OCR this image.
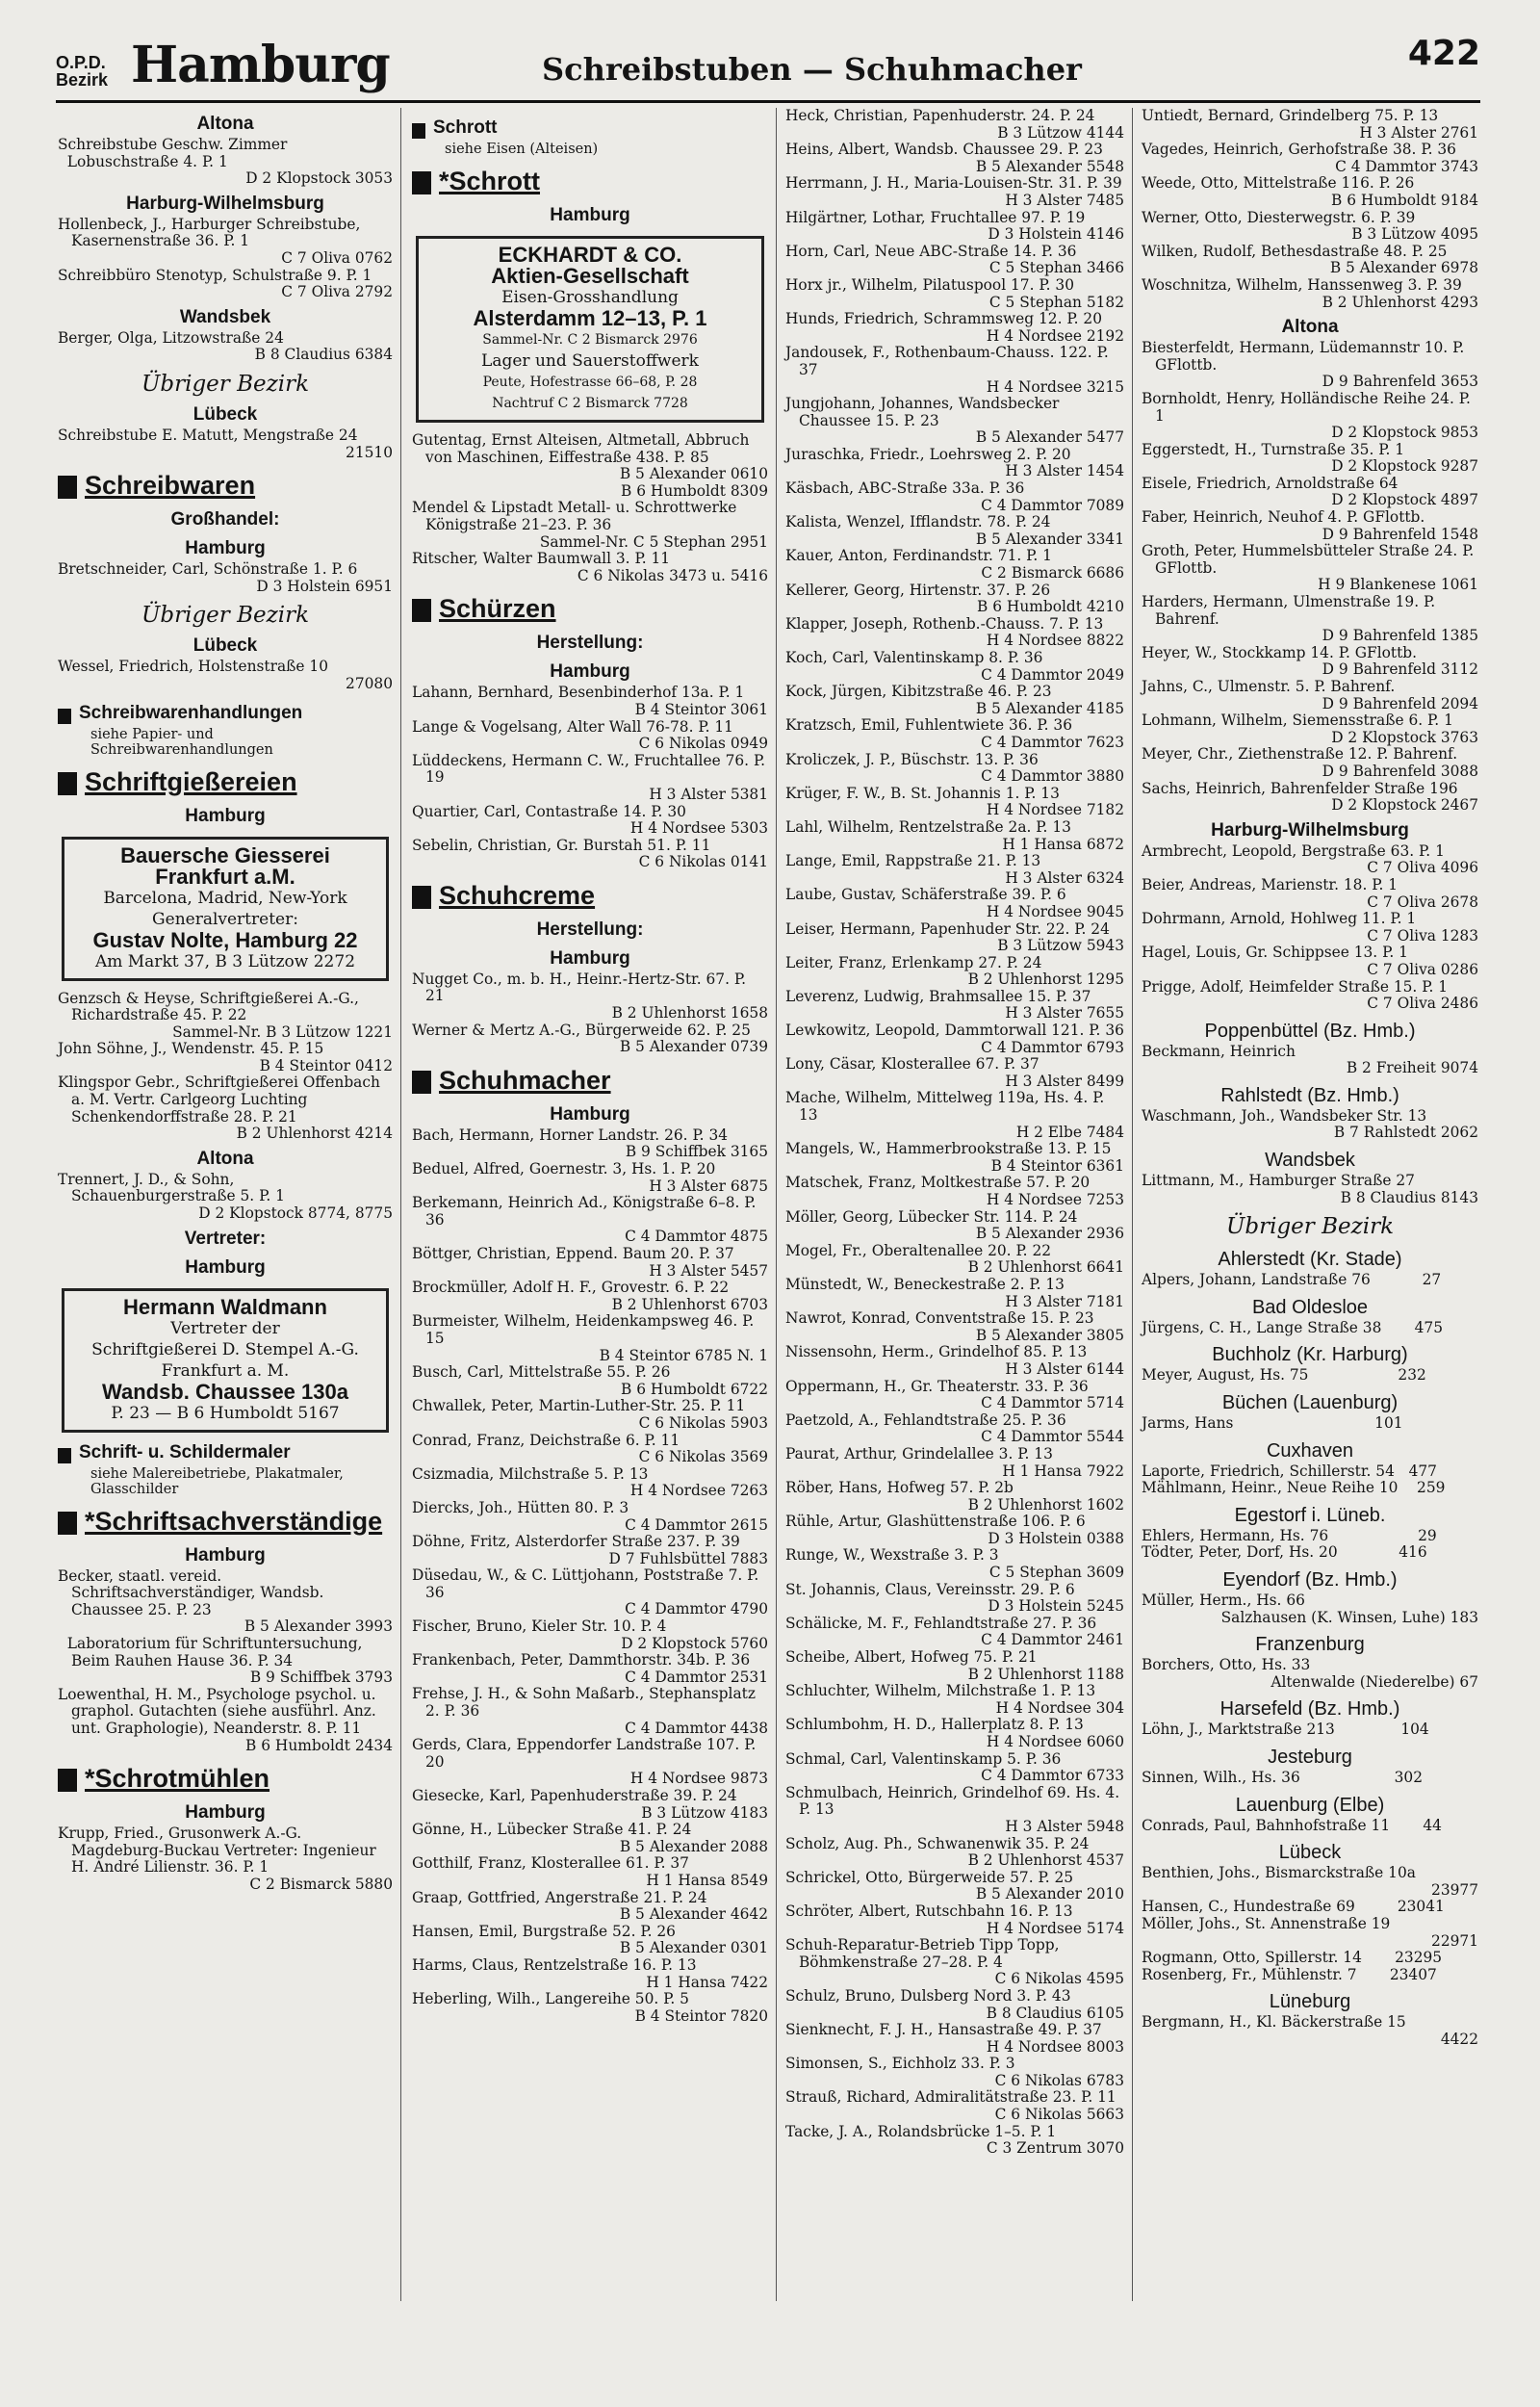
O.P.D.
Bezirk Hamburg	Schreibstuben — Schuhmacher	422

Altona

Schreibstube Geschw. Zimmer

Lobuschstraße 4. P. 1

D 2 Klopstock 3053

Harburg-Wilhelmsburg

Hollenbeck, J., Harburger Schreibstube, Kasernenstraße 36. P. 1

C 7 Oliva 0762

Schreibbüro Stenotyp, Schulstraße 9. P. 1

C 7 Oliva 2792

Wandsbek

Berger, Olga, Litzowstraße 24

B 8 Claudius 6384

Übriger Bezirk

Lübeck

Schreibstube E. Matutt, Mengstraße 24

21510

Schreibwaren

Großhandel:

Hamburg

Bretschneider, Carl, Schönstraße 1. P. 6

D 3 Holstein 6951

Übriger Bezirk

Lübeck

Wessel, Friedrich, Holstenstraße 10

27080

Schreibwarenhandlungen
siehe Papier- und Schreibwarenhandlungen
Schriftgießereien

Hamburg

Bauersche Giesserei
Frankfurt a.M.
Barcelona, Madrid, New-York
Generalvertreter:
Gustav Nolte, Hamburg 22
Am Markt 37, B 3 Lützow 2272

Genzsch & Heyse, Schriftgießerei A.-G., Richardstraße 45. P. 22

Sammel-Nr. B 3 Lützow 1221

John Söhne, J., Wendenstr. 45. P. 15

B 4 Steintor 0412

Klingspor Gebr., Schriftgießerei Offenbach a. M. Vertr. Carlgeorg Luchting Schenkendorffstraße 28. P. 21

B 2 Uhlenhorst 4214

Altona

Trennert, J. D., & Sohn, Schauenburgerstraße 5. P. 1

D 2 Klopstock 8774, 8775

Vertreter:

Hamburg

Hermann Waldmann
Vertreter der
Schriftgießerei D. Stempel A.-G.
Frankfurt a. M.
Wandsb. Chaussee 130a
P. 23 — B 6 Humboldt 5167
Schrift- u. Schildermaler
siehe Malereibetriebe, Plakatmaler, Glasschilder
*Schriftsachverständige

Hamburg

Becker, staatl. vereid. Schriftsachverständiger, Wandsb. Chaussee 25. P. 23

B 5 Alexander 3993

Laboratorium für Schriftuntersuchung, Beim Rauhen Hause 36. P. 34

B 9 Schiffbek 3793

Loewenthal, H. M., Psychologe psychol. u. graphol. Gutachten (siehe ausführl. Anz. unt. Graphologie), Neanderstr. 8. P. 11

B 6 Humboldt 2434

*Schrotmühlen

Hamburg

Krupp, Fried., Grusonwerk A.-G. Magdeburg-Buckau Vertreter: Ingenieur H. André Lilienstr. 36. P. 1

C 2 Bismarck 5880

Schrott
siehe Eisen (Alteisen)
*Schrott

Hamburg

ECKHARDT & CO.
Aktien-Gesellschaft
Eisen-Grosshandlung
Alsterdamm 12–13, P. 1
Sammel-Nr. C 2 Bismarck 2976
Lager und Sauerstoffwerk
Peute, Hofestrasse 66–68, P. 28
Nachtruf C 2 Bismarck 7728

Gutentag, Ernst Alteisen, Altmetall, Abbruch von Maschinen, Eiffestraße 438. P. 85

B 5 Alexander 0610

B 6 Humboldt 8309

Mendel & Lipstadt Metall- u. Schrottwerke Königstraße 21–23. P. 36

Sammel-Nr. C 5 Stephan 2951

Ritscher, Walter Baumwall 3. P. 11

C 6 Nikolas 3473 u. 5416

Schürzen

Herstellung:

Hamburg

Lahann, Bernhard, Besenbinderhof 13a. P. 1

B 4 Steintor 3061

Lange & Vogelsang, Alter Wall 76-78. P. 11

C 6 Nikolas 0949

Lüddeckens, Hermann C. W., Fruchtallee 76. P. 19

H 3 Alster 5381

Quartier, Carl, Contastraße 14. P. 30

H 4 Nordsee 5303

Sebelin, Christian, Gr. Burstah 51. P. 11

C 6 Nikolas 0141

Schuhcreme

Herstellung:

Hamburg

Nugget Co., m. b. H., Heinr.-Hertz-Str. 67. P. 21

B 2 Uhlenhorst 1658

Werner & Mertz A.-G., Bürgerweide 62. P. 25

B 5 Alexander 0739

Schuhmacher

Hamburg

Bach, Hermann, Horner Landstr. 26. P. 34

B 9 Schiffbek 3165

Beduel, Alfred, Goernestr. 3, Hs. 1. P. 20

H 3 Alster 6875

Berkemann, Heinrich Ad., Königstraße 6–8. P. 36

C 4 Dammtor 4875

Böttger, Christian, Eppend. Baum 20. P. 37

H 3 Alster 5457

Brockmüller, Adolf H. F., Grovestr. 6. P. 22

B 2 Uhlenhorst 6703

Burmeister, Wilhelm, Heidenkampsweg 46. P. 15

B 4 Steintor 6785 N. 1

Busch, Carl, Mittelstraße 55. P. 26

B 6 Humboldt 6722

Chwallek, Peter, Martin-Luther-Str. 25. P. 11

C 6 Nikolas 5903

Conrad, Franz, Deichstraße 6. P. 11

C 6 Nikolas 3569

Csizmadia, Milchstraße 5. P. 13

H 4 Nordsee 7263

Diercks, Joh., Hütten 80. P. 3

C 4 Dammtor 2615

Döhne, Fritz, Alsterdorfer Straße 237. P. 39

D 7 Fuhlsbüttel 7883

Düsedau, W., & C. Lüttjohann, Poststraße 7. P. 36

C 4 Dammtor 4790

Fischer, Bruno, Kieler Str. 10. P. 4

D 2 Klopstock 5760

Frankenbach, Peter, Dammthorstr. 34b. P. 36

C 4 Dammtor 2531

Frehse, J. H., & Sohn Maßarb., Stephansplatz 2. P. 36

C 4 Dammtor 4438

Gerds, Clara, Eppendorfer Landstraße 107. P. 20

H 4 Nordsee 9873

Giesecke, Karl, Papenhuderstraße 39. P. 24

B 3 Lützow 4183

Gönne, H., Lübecker Straße 41. P. 24

B 5 Alexander 2088

Gotthilf, Franz, Klosterallee 61. P. 37

H 1 Hansa 8549

Graap, Gottfried, Angerstraße 21. P. 24

B 5 Alexander 4642

Hansen, Emil, Burgstraße 52. P. 26

B 5 Alexander 0301

Harms, Claus, Rentzelstraße 16. P. 13

H 1 Hansa 7422

Heberling, Wilh., Langereihe 50. P. 5

B 4 Steintor 7820

Heck, Christian, Papenhuderstr. 24. P. 24

B 3 Lützow 4144

Heins, Albert, Wandsb. Chaussee 29. P. 23

B 5 Alexander 5548

Herrmann, J. H., Maria-Louisen-Str. 31. P. 39

H 3 Alster 7485

Hilgärtner, Lothar, Fruchtallee 97. P. 19

D 3 Holstein 4146

Horn, Carl, Neue ABC-Straße 14. P. 36

C 5 Stephan 3466

Horx jr., Wilhelm, Pilatuspool 17. P. 30

C 5 Stephan 5182

Hunds, Friedrich, Schrammsweg 12. P. 20

H 4 Nordsee 2192

Jandousek, F., Rothenbaum-Chauss. 122. P. 37

H 4 Nordsee 3215

Jungjohann, Johannes, Wandsbecker Chaussee 15. P. 23

B 5 Alexander 5477

Juraschka, Friedr., Loehrsweg 2. P. 20

H 3 Alster 1454

Käsbach, ABC-Straße 33a. P. 36

C 4 Dammtor 7089

Kalista, Wenzel, Ifflandstr. 78. P. 24

B 5 Alexander 3341

Kauer, Anton, Ferdinandstr. 71. P. 1

C 2 Bismarck 6686

Kellerer, Georg, Hirtenstr. 37. P. 26

B 6 Humboldt 4210

Klapper, Joseph, Rothenb.-Chauss. 7. P. 13

H 4 Nordsee 8822

Koch, Carl, Valentinskamp 8. P. 36

C 4 Dammtor 2049

Kock, Jürgen, Kibitzstraße 46. P. 23

B 5 Alexander 4185

Kratzsch, Emil, Fuhlentwiete 36. P. 36

C 4 Dammtor 7623

Kroliczek, J. P., Büschstr. 13. P. 36

C 4 Dammtor 3880

Krüger, F. W., B. St. Johannis 1. P. 13

H 4 Nordsee 7182

Lahl, Wilhelm, Rentzelstraße 2a. P. 13

H 1 Hansa 6872

Lange, Emil, Rappstraße 21. P. 13

H 3 Alster 6324

Laube, Gustav, Schäferstraße 39. P. 6

H 4 Nordsee 9045

Leiser, Hermann, Papenhuder Str. 22. P. 24

B 3 Lützow 5943

Leiter, Franz, Erlenkamp 27. P. 24

B 2 Uhlenhorst 1295

Leverenz, Ludwig, Brahmsallee 15. P. 37

H 3 Alster 7655

Lewkowitz, Leopold, Dammtorwall 121. P. 36

C 4 Dammtor 6793

Lony, Cäsar, Klosterallee 67. P. 37

H 3 Alster 8499

Mache, Wilhelm, Mittelweg 119a, Hs. 4. P. 13

H 2 Elbe 7484

Mangels, W., Hammerbrookstraße 13. P. 15

B 4 Steintor 6361

Matschek, Franz, Moltkestraße 57. P. 20

H 4 Nordsee 7253

Möller, Georg, Lübecker Str. 114. P. 24

B 5 Alexander 2936

Mogel, Fr., Oberaltenallee 20. P. 22

B 2 Uhlenhorst 6641

Münstedt, W., Beneckestraße 2. P. 13

H 3 Alster 7181

Nawrot, Konrad, Conventstraße 15. P. 23

B 5 Alexander 3805

Nissensohn, Herm., Grindelhof 85. P. 13

H 3 Alster 6144

Oppermann, H., Gr. Theaterstr. 33. P. 36

C 4 Dammtor 5714

Paetzold, A., Fehlandtstraße 25. P. 36

C 4 Dammtor 5544

Paurat, Arthur, Grindelallee 3. P. 13

H 1 Hansa 7922

Röber, Hans, Hofweg 57. P. 2b

B 2 Uhlenhorst 1602

Rühle, Artur, Glashüttenstraße 106. P. 6

D 3 Holstein 0388

Runge, W., Wexstraße 3. P. 3

C 5 Stephan 3609

St. Johannis, Claus, Vereinsstr. 29. P. 6

D 3 Holstein 5245

Schälicke, M. F., Fehlandtstraße 27. P. 36

C 4 Dammtor 2461

Scheibe, Albert, Hofweg 75. P. 21

B 2 Uhlenhorst 1188

Schluchter, Wilhelm, Milchstraße 1. P. 13

H 4 Nordsee 304

Schlumbohm, H. D., Hallerplatz 8. P. 13

H 4 Nordsee 6060

Schmal, Carl, Valentinskamp 5. P. 36

C 4 Dammtor 6733

Schmulbach, Heinrich, Grindelhof 69. Hs. 4. P. 13

H 3 Alster 5948

Scholz, Aug. Ph., Schwanenwik 35. P. 24

B 2 Uhlenhorst 4537

Schrickel, Otto, Bürgerweide 57. P. 25

B 5 Alexander 2010

Schröter, Albert, Rutschbahn 16. P. 13

H 4 Nordsee 5174

Schuh-Reparatur-Betrieb Tipp Topp, Böhmkenstraße 27–28. P. 4

C 6 Nikolas 4595

Schulz, Bruno, Dulsberg Nord 3. P. 43

B 8 Claudius 6105

Sienknecht, F. J. H., Hansastraße 49. P. 37

H 4 Nordsee 8003

Simonsen, S., Eichholz 33. P. 3

C 6 Nikolas 6783

Strauß, Richard, Admiralitätstraße 23. P. 11

C 6 Nikolas 5663

Tacke, J. A., Rolandsbrücke 1–5. P. 1

C 3 Zentrum 3070

Untiedt, Bernard, Grindelberg 75. P. 13

H 3 Alster 2761

Vagedes, Heinrich, Gerhofstraße 38. P. 36

C 4 Dammtor 3743

Weede, Otto, Mittelstraße 116. P. 26

B 6 Humboldt 9184

Werner, Otto, Diesterwegstr. 6. P. 39

B 3 Lützow 4095

Wilken, Rudolf, Bethesdastraße 48. P. 25

B 5 Alexander 6978

Woschnitza, Wilhelm, Hanssenweg 3. P. 39

B 2 Uhlenhorst 4293

Altona

Biesterfeldt, Hermann, Lüdemannstr 10. P. GFlottb.

D 9 Bahrenfeld 3653

Bornholdt, Henry, Holländische Reihe 24. P. 1

D 2 Klopstock 9853

Eggerstedt, H., Turnstraße 35. P. 1

D 2 Klopstock 9287

Eisele, Friedrich, Arnoldstraße 64

D 2 Klopstock 4897

Faber, Heinrich, Neuhof 4. P. GFlottb.

D 9 Bahrenfeld 1548

Groth, Peter, Hummelsbütteler Straße 24. P. GFlottb.

H 9 Blankenese 1061

Harders, Hermann, Ulmenstraße 19. P. Bahrenf.

D 9 Bahrenfeld 1385

Heyer, W., Stockkamp 14. P. GFlottb.

D 9 Bahrenfeld 3112

Jahns, C., Ulmenstr. 5. P. Bahrenf.

D 9 Bahrenfeld 2094

Lohmann, Wilhelm, Siemensstraße 6. P. 1

D 2 Klopstock 3763

Meyer, Chr., Ziethenstraße 12. P. Bahrenf.

D 9 Bahrenfeld 3088

Sachs, Heinrich, Bahrenfelder Straße 196

D 2 Klopstock 2467

Harburg-Wilhelmsburg

Armbrecht, Leopold, Bergstraße 63. P. 1

C 7 Oliva 4096

Beier, Andreas, Marienstr. 18. P. 1

C 7 Oliva 2678

Dohrmann, Arnold, Hohlweg 11. P. 1

C 7 Oliva 1283

Hagel, Louis, Gr. Schippsee 13. P. 1

C 7 Oliva 0286

Prigge, Adolf, Heimfelder Straße 15. P. 1

C 7 Oliva 2486

Poppenbüttel (Bz. Hmb.)

Beckmann, Heinrich

B 2 Freiheit 9074

Rahlstedt (Bz. Hmb.)

Waschmann, Joh., Wandsbeker Str. 13

B 7 Rahlstedt 2062

Wandsbek

Littmann, M., Hamburger Straße 27

B 8 Claudius 8143

Übriger Bezirk

Ahlerstedt (Kr. Stade)

Alpers, Johann, Landstraße 76           27

Bad Oldesloe

Jürgens, C. H., Lange Straße 38       475

Buchholz (Kr. Harburg)

Meyer, August, Hs. 75                   232

Büchen (Lauenburg)

Jarms, Hans                              101

Cuxhaven

Laporte, Friedrich, Schillerstr. 54   477

Mählmann, Heinr., Neue Reihe 10    259

Egestorf i. Lüneb.

Ehlers, Hermann, Hs. 76                   29

Tödter, Peter, Dorf, Hs. 20             416

Eyendorf (Bz. Hmb.)

Müller, Herm., Hs. 66

Salzhausen (K. Winsen, Luhe) 183

Franzenburg

Borchers, Otto, Hs. 33

Altenwalde (Niederelbe) 67

Harsefeld (Bz. Hmb.)

Löhn, J., Marktstraße 213              104

Jesteburg

Sinnen, Wilh., Hs. 36                    302

Lauenburg (Elbe)

Conrads, Paul, Bahnhofstraße 11       44

Lübeck

Benthien, Johs., Bismarckstraße 10a

23977

Hansen, C., Hundestraße 69         23041

Möller, Johs., St. Annenstraße 19

22971

Rogmann, Otto, Spillerstr. 14       23295

Rosenberg, Fr., Mühlenstr. 7       23407

Lüneburg

Bergmann, H., Kl. Bäckerstraße 15

4422
